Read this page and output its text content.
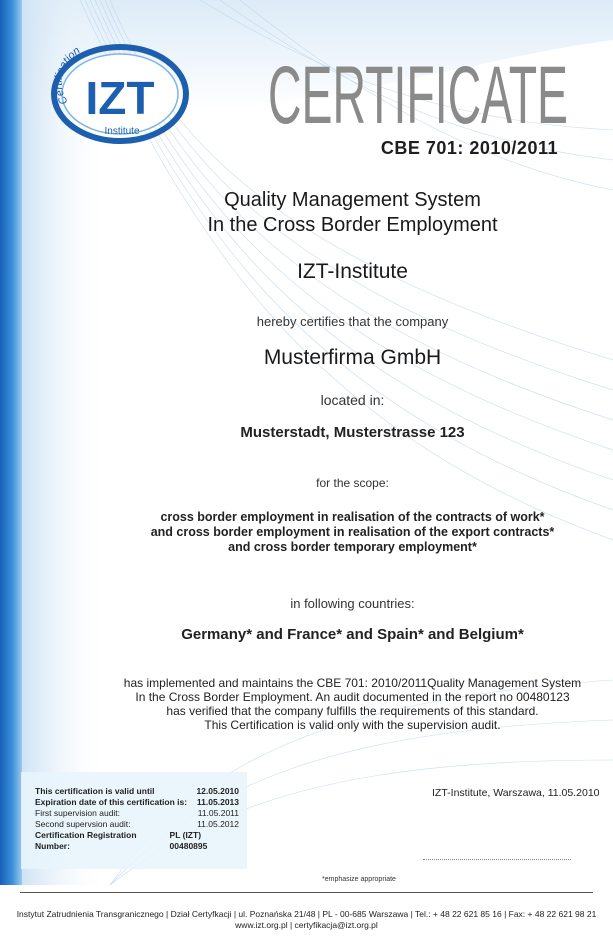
Certification
IZT
Institute CERTIFICATE
CBE 701: 2010/2011
Quality Management System
In the Cross Border Employment
IZT-Institute
hereby certifies that the company
Musterfirma GmbH
located in:
Musterstadt, Musterstrasse 123
for the scope:
cross border employment in realisation of the contracts of work*
and cross border employment in realisation of the export contracts*
and cross border temporary employment*
in following countries:
Germany* and France* and Spain* and Belgium*
has implemented and maintains the CBE 701: 2010/2011Quality Management System
In the Cross Border Employment. An audit documented in the report no 00480123
has verified that the company fulfills the requirements of this standard.
This Certification is valid only with the supervision audit.
This certification is valid until	12.05.2010
Expiration date of this certification is: 11.05.2013
First supervision audit:	11.05.2011
Second supervsion audit:	11.05.2012
Certification Registration Number:
PL (IZT) 00480895
IZT-Institute, Warszawa, 11.05.2010
*emphasize appropriate
Instytut Zatrudnienia Transgranicznego | Dział Certyfkacji | ul. Poznańska 21/48 | PL - 00-685 Warszawa | Tel.: + 48 22 621 85 16 | Fax: + 48 22 621 98 21
www.izt.org.pl | certyfikacja@izt.org.pl
